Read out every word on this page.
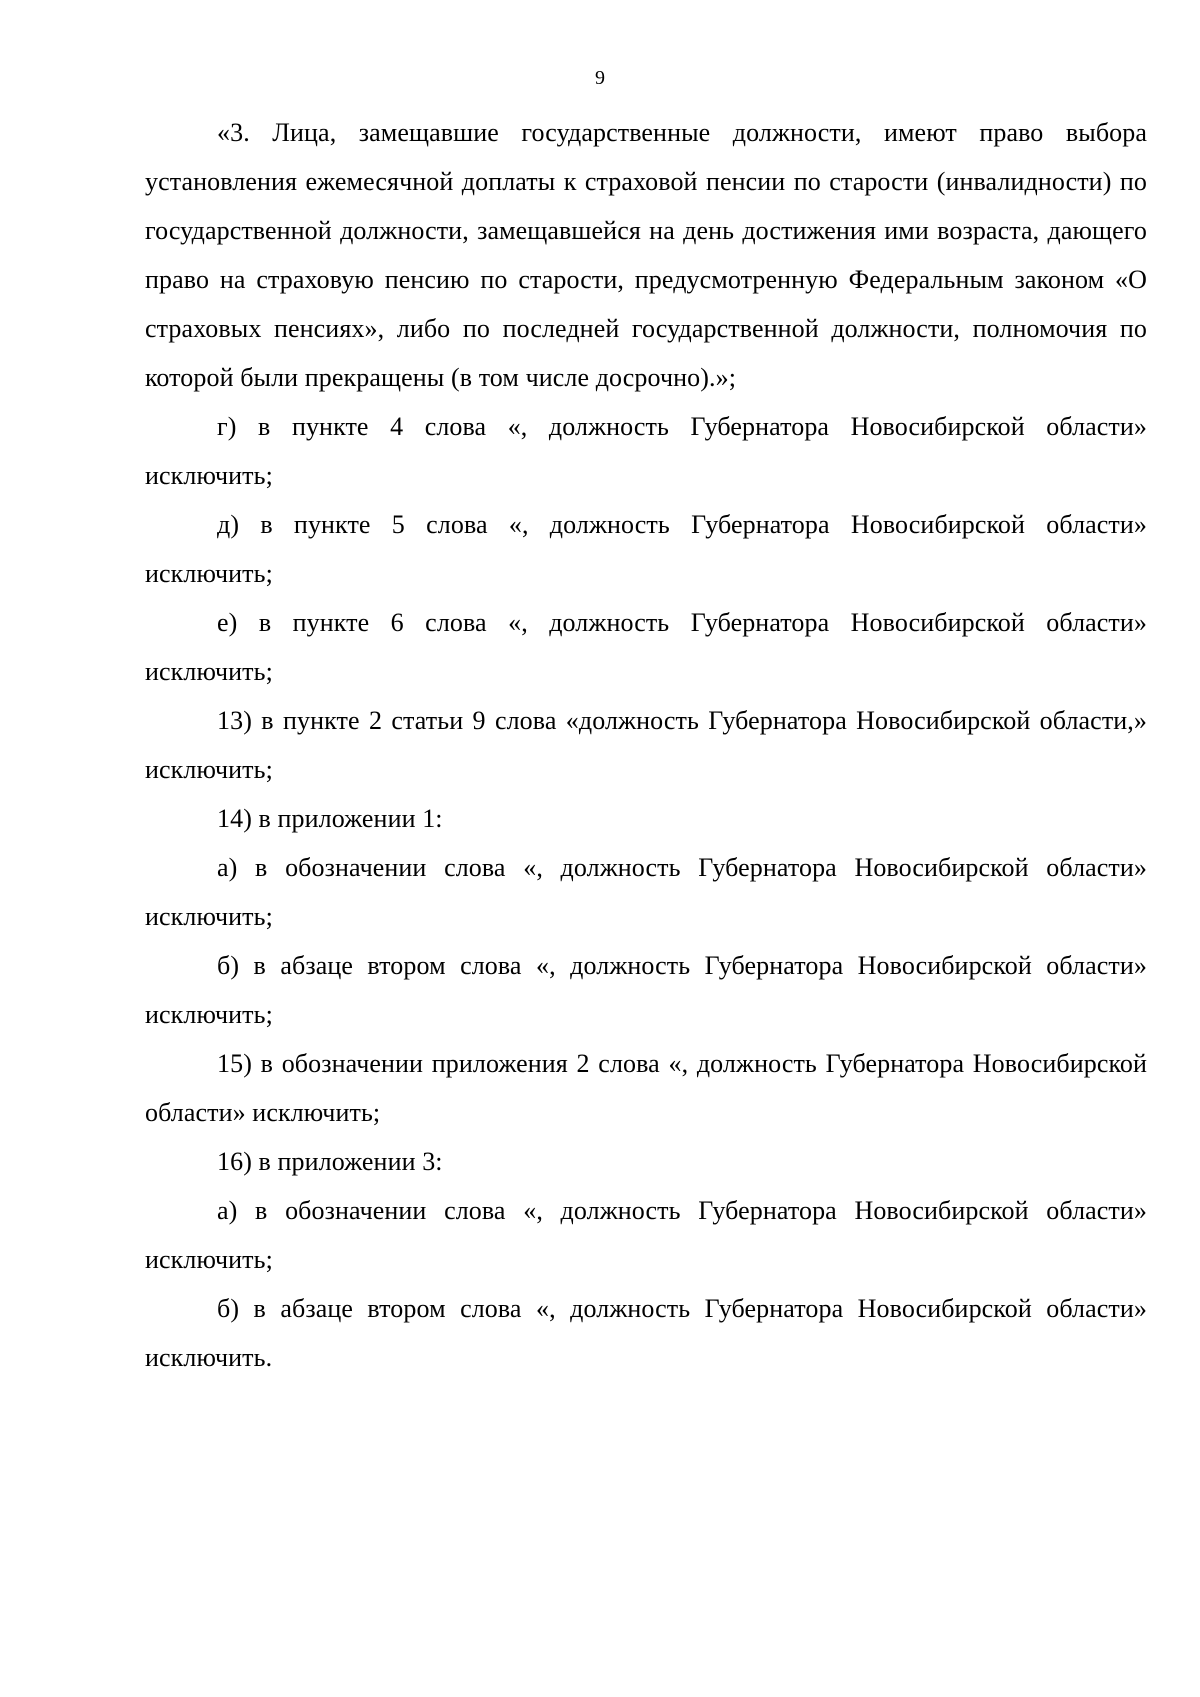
9

«3. Лица, замещавшие государственные должности, имеют право выбора установления ежемесячной доплаты к страховой пенсии по старости (инвалидности) по государственной должности, замещавшейся на день достижения ими возраста, дающего право на страховую пенсию по старости, предусмотренную Федеральным законом «О страховых пенсиях», либо по последней государственной должности, полномочия по которой были прекращены (в том числе досрочно).»;

г) в пункте 4 слова «, должность Губернатора Новосибирской области» исключить;

д) в пункте 5 слова «, должность Губернатора Новосибирской области» исключить;

е) в пункте 6 слова «, должность Губернатора Новосибирской области» исключить;

13) в пункте 2 статьи 9 слова «должность Губернатора Новосибирской области,» исключить;

14) в приложении 1:

а) в обозначении слова «, должность Губернатора Новосибирской области» исключить;

б) в абзаце втором слова «, должность Губернатора Новосибирской области» исключить;

15) в обозначении приложения 2 слова «, должность Губернатора Новосибирской области» исключить;

16) в приложении 3:

а) в обозначении слова «, должность Губернатора Новосибирской области» исключить;

б) в абзаце втором слова «, должность Губернатора Новосибирской области» исключить.
